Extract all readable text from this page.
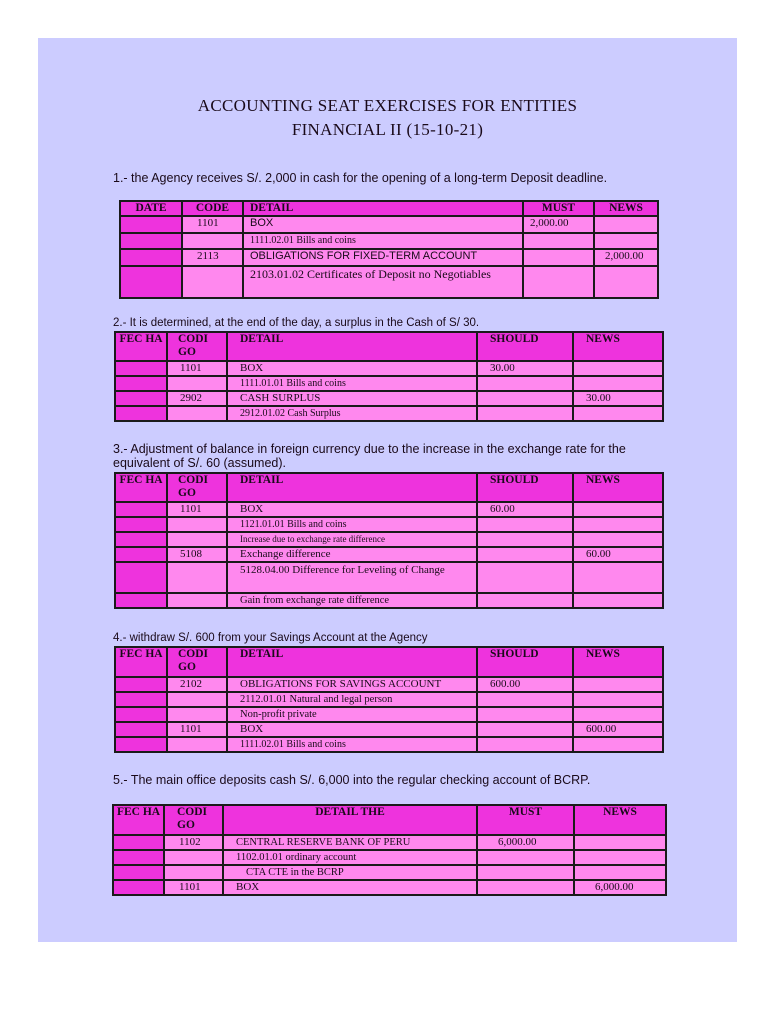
ACCOUNTING SEAT EXERCISES FOR ENTITIES
FINANCIAL II (15-10-21)
1.- the Agency receives S/. 2,000 in cash for the opening of a long-term Deposit deadline.
DATE	CODE	DETAIL	MUST	NEWS
	1101	BOX	2,000.00	
		1111.02.01 Bills and coins		
	2113	OBLIGATIONS FOR FIXED-TERM ACCOUNT		2,000.00
		2103.01.02 Certificates of Deposit no Negotiables		
2.- It is determined, at the end of the day, a surplus in the Cash of S/ 30.
FEC HA	CODI GO	DETAIL	SHOULD	NEWS
	1101	BOX	30.00	
		1111.01.01 Bills and coins		
	2902	CASH SURPLUS		30.00
		2912.01.02 Cash Surplus		
3.- Adjustment of balance in foreign currency due to the increase in the exchange rate for the equivalent of S/. 60 (assumed).
FEC HA	CODI GO	DETAIL	SHOULD	NEWS
	1101	BOX	60.00	
		1121.01.01 Bills and coins		
		Increase due to exchange rate difference		
	5108	Exchange difference		60.00
		5128.04.00 Difference for Leveling of Change		
		Gain from exchange rate difference		
4.- withdraw S/. 600 from your Savings Account at the Agency
FEC HA	CODI GO	DETAIL	SHOULD	NEWS
	2102	OBLIGATIONS FOR SAVINGS ACCOUNT	600.00	
		2112.01.01 Natural and legal person		
		Non-profit private		
	1101	BOX		600.00
		1111.02.01 Bills and coins		
5.- The main office deposits cash S/. 6,000 into the regular checking account of BCRP.
FEC HA	CODI GO	DETAIL THE	MUST	NEWS
	1102	CENTRAL RESERVE BANK OF PERU	6,000.00	
		1102.01.01 ordinary account		
		CTA CTE in the BCRP		
	1101	BOX		6,000.00
